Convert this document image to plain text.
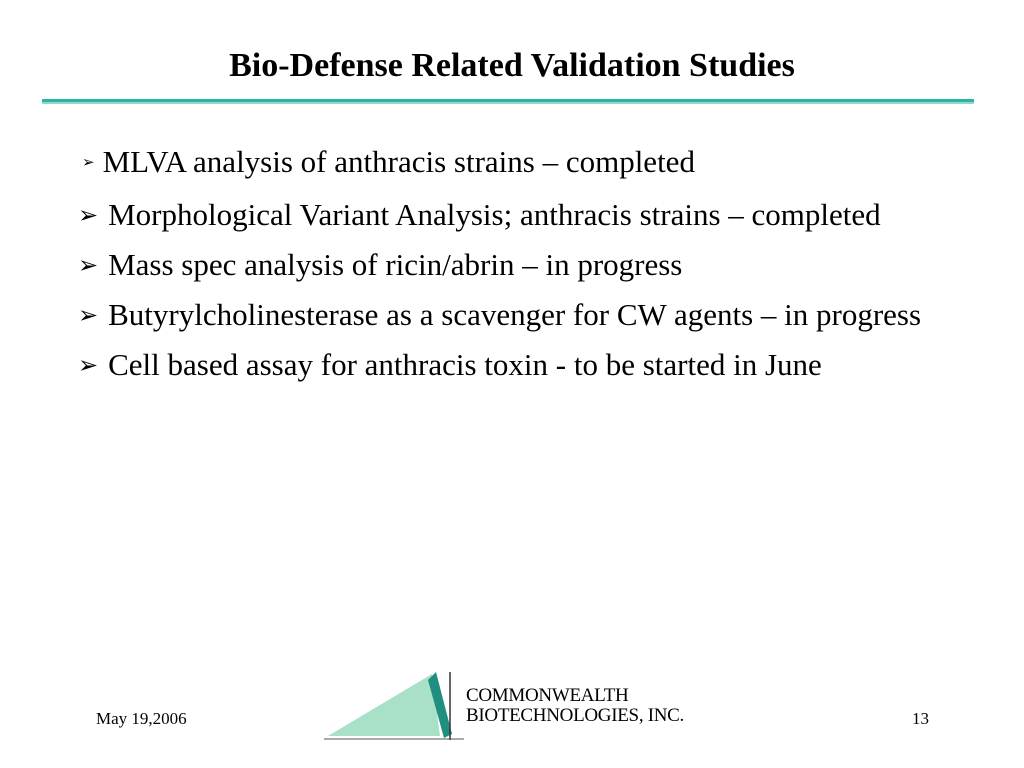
Bio-Defense Related Validation Studies
➢ MLVA analysis of anthracis strains – completed
➢ Morphological Variant Analysis; anthracis strains – completed
➢ Mass spec analysis of ricin/abrin – in progress
➢ Butyrylcholinesterase as a scavenger for CW agents – in progress
➢ Cell based assay for anthracis toxin - to be started in June
May 19,2006
COMMONWEALTH
BIOTECHNOLOGIES, INC.	13
